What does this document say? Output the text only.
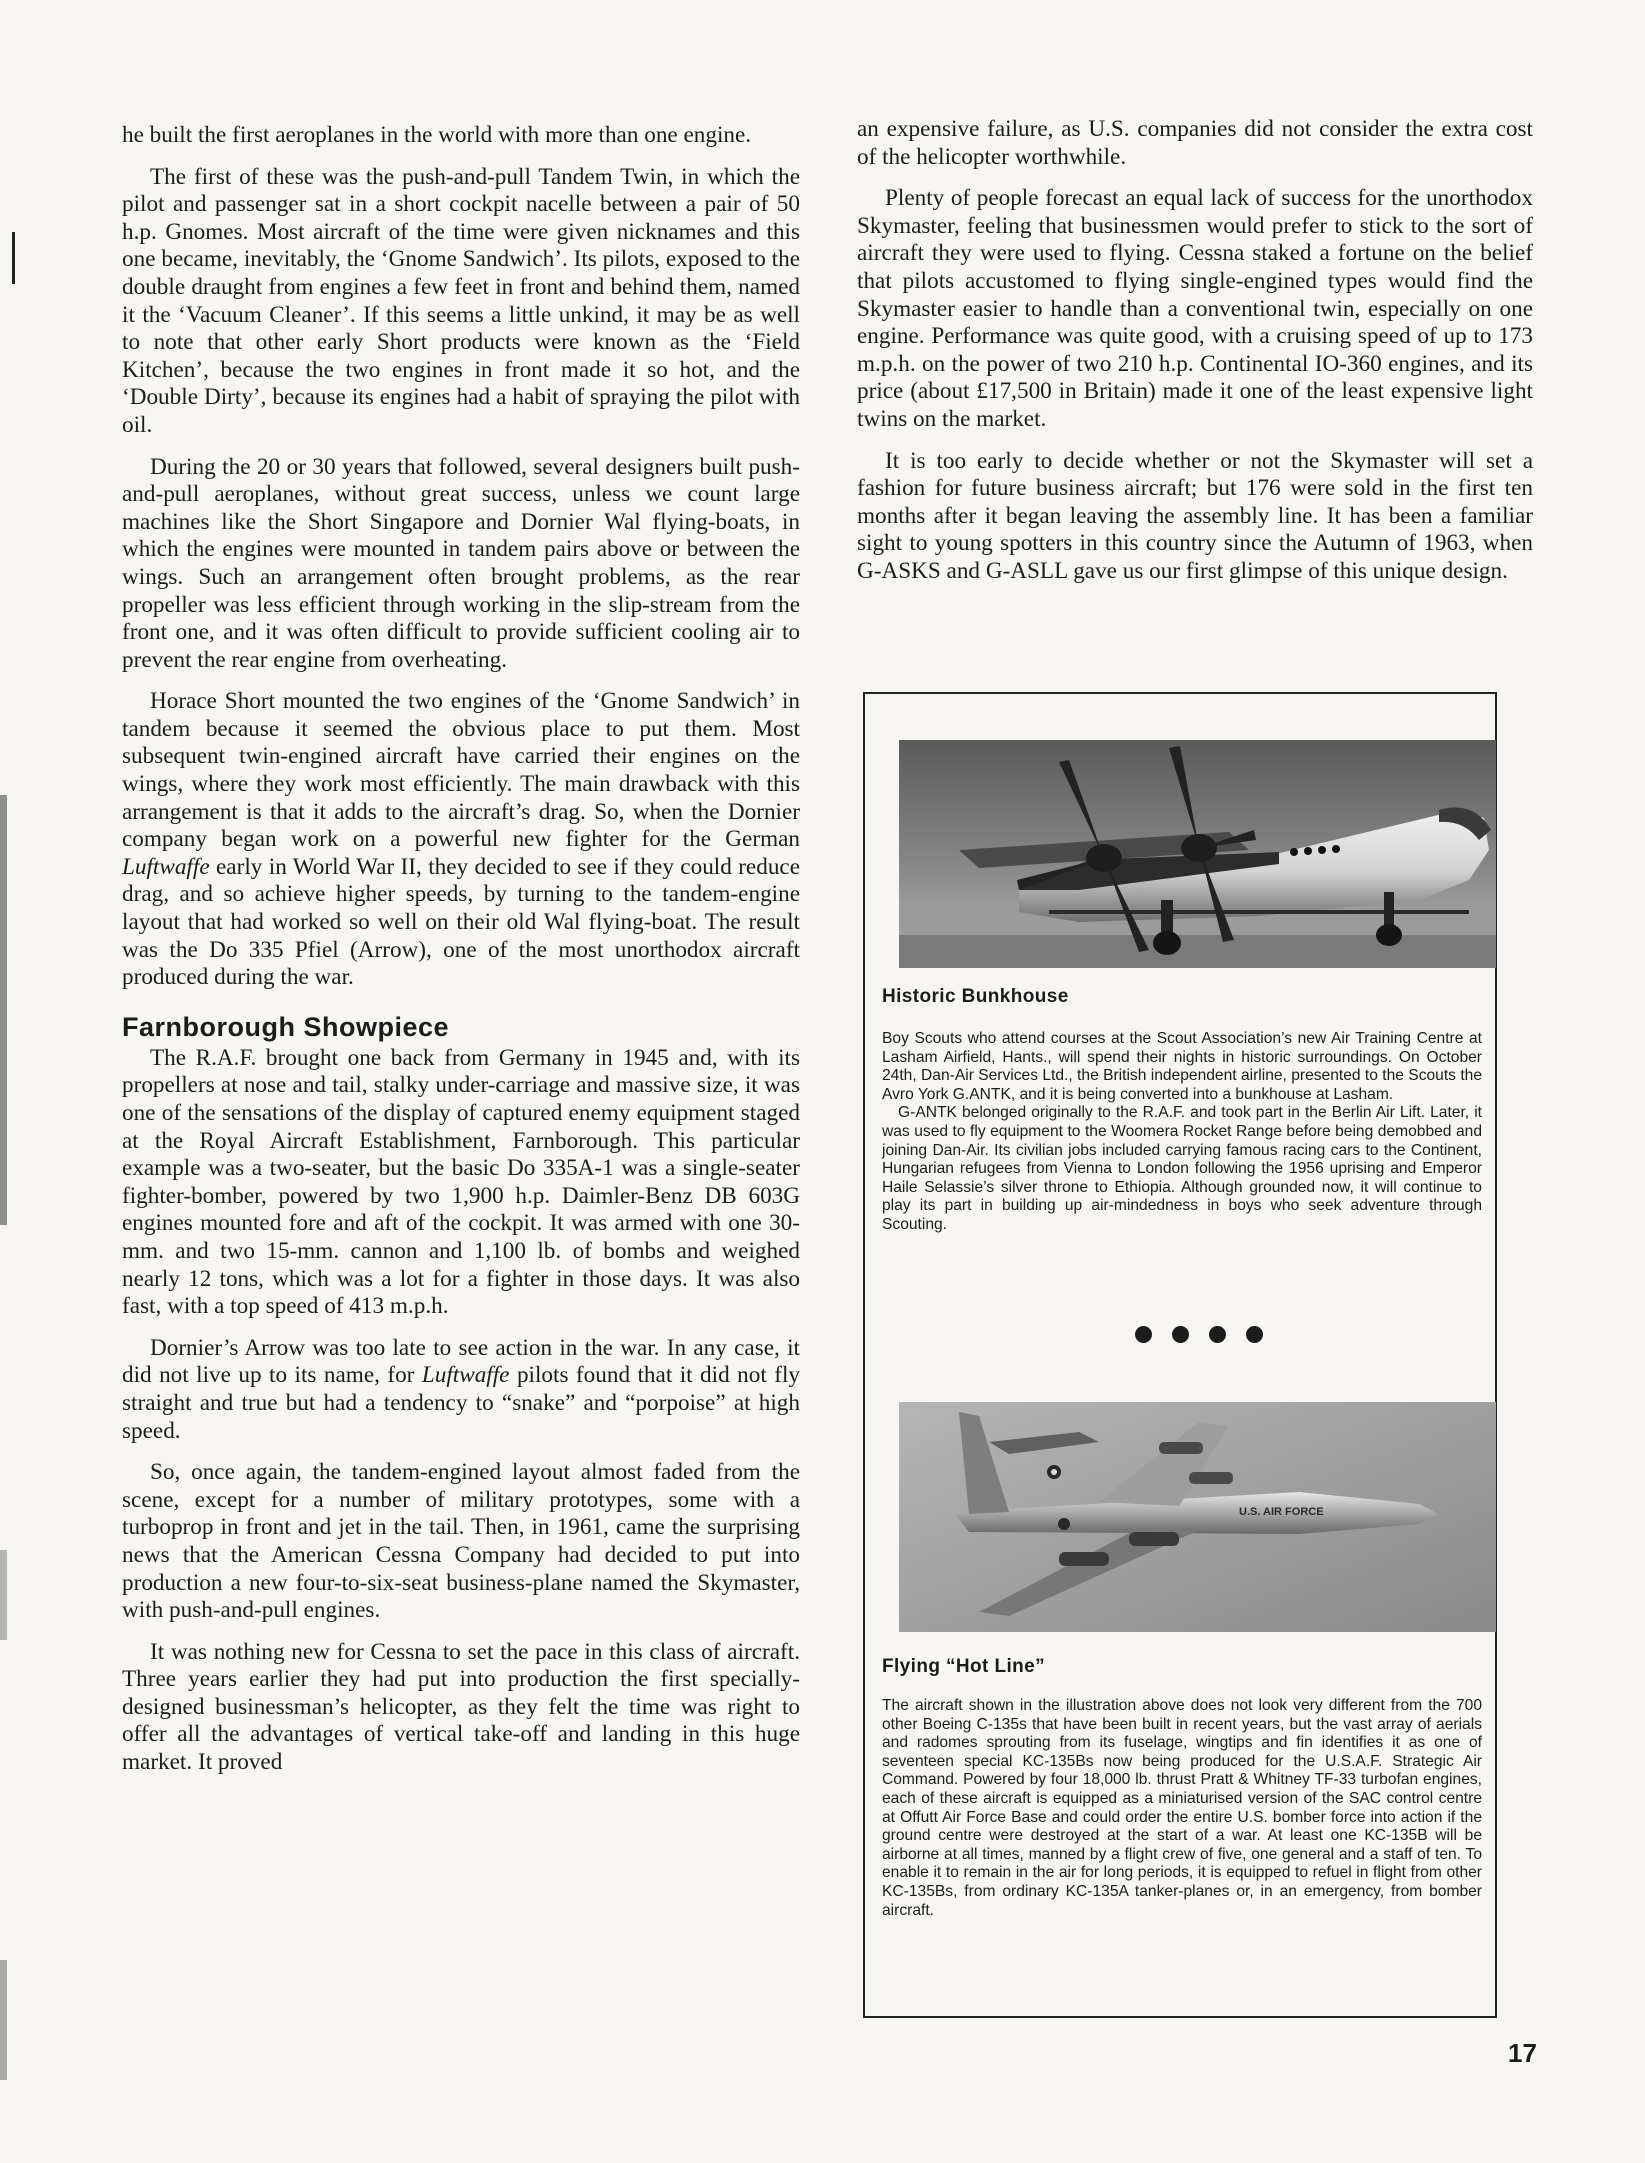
he built the first aeroplanes in the world with more than one engine.

The first of these was the push-and-pull Tandem Twin, in which the pilot and passenger sat in a short cockpit nacelle between a pair of 50 h.p. Gnomes. Most aircraft of the time were given nicknames and this one became, inevitably, the ‘Gnome Sandwich’. Its pilots, exposed to the double draught from engines a few feet in front and behind them, named it the ‘Vacuum Cleaner’. If this seems a little unkind, it may be as well to note that other early Short products were known as the ‘Field Kitchen’, because the two engines in front made it so hot, and the ‘Double Dirty’, because its engines had a habit of spraying the pilot with oil.

During the 20 or 30 years that followed, several designers built push-and-pull aeroplanes, without great success, unless we count large machines like the Short Singapore and Dornier Wal flying-boats, in which the engines were mounted in tandem pairs above or between the wings. Such an arrangement often brought problems, as the rear propeller was less efficient through working in the slip-stream from the front one, and it was often difficult to provide sufficient cooling air to prevent the rear engine from overheating.

Horace Short mounted the two engines of the ‘Gnome Sandwich’ in tandem because it seemed the obvious place to put them. Most subsequent twin-engined aircraft have carried their engines on the wings, where they work most efficiently. The main drawback with this arrangement is that it adds to the aircraft’s drag. So, when the Dornier company began work on a powerful new fighter for the German Luftwaffe early in World War II, they decided to see if they could reduce drag, and so achieve higher speeds, by turning to the tandem-engine layout that had worked so well on their old Wal flying-boat. The result was the Do 335 Pfiel (Arrow), one of the most unorthodox aircraft produced during the war.

Farnborough Showpiece

The R.A.F. brought one back from Germany in 1945 and, with its propellers at nose and tail, stalky under-carriage and massive size, it was one of the sensations of the display of captured enemy equipment staged at the Royal Aircraft Establishment, Farnborough. This particular example was a two-seater, but the basic Do 335A-1 was a single-seater fighter-bomber, powered by two 1,900 h.p. Daimler-Benz DB 603G engines mounted fore and aft of the cockpit. It was armed with one 30-mm. and two 15-mm. cannon and 1,100 lb. of bombs and weighed nearly 12 tons, which was a lot for a fighter in those days. It was also fast, with a top speed of 413 m.p.h.

Dornier’s Arrow was too late to see action in the war. In any case, it did not live up to its name, for Luftwaffe pilots found that it did not fly straight and true but had a tendency to “snake” and “porpoise” at high speed.

So, once again, the tandem-engined layout almost faded from the scene, except for a number of military prototypes, some with a turboprop in front and jet in the tail. Then, in 1961, came the surprising news that the American Cessna Company had decided to put into production a new four-to-six-seat business-plane named the Skymaster, with push-and-pull engines.

It was nothing new for Cessna to set the pace in this class of aircraft. Three years earlier they had put into production the first specially-designed businessman’s helicopter, as they felt the time was right to offer all the advantages of vertical take-off and landing in this huge market. It proved

an expensive failure, as U.S. companies did not consider the extra cost of the helicopter worthwhile.

Plenty of people forecast an equal lack of success for the unorthodox Skymaster, feeling that businessmen would prefer to stick to the sort of aircraft they were used to flying. Cessna staked a fortune on the belief that pilots accustomed to flying single-engined types would find the Skymaster easier to handle than a conventional twin, especially on one engine. Performance was quite good, with a cruising speed of up to 173 m.p.h. on the power of two 210 h.p. Continental IO-360 engines, and its price (about £17,500 in Britain) made it one of the least expensive light twins on the market.

It is too early to decide whether or not the Skymaster will set a fashion for future business aircraft; but 176 were sold in the first ten months after it began leaving the assembly line. It has been a familiar sight to young spotters in this country since the Autumn of 1963, when G-ASKS and G-ASLL gave us our first glimpse of this unique design.

Historic Bunkhouse

Boy Scouts who attend courses at the Scout Association’s new Air Training Centre at Lasham Airfield, Hants., will spend their nights in historic surroundings. On October 24th, Dan-Air Services Ltd., the British independent airline, presented to the Scouts the Avro York G.ANTK, and it is being converted into a bunkhouse at Lasham.

G-ANTK belonged originally to the R.A.F. and took part in the Berlin Air Lift. Later, it was used to fly equipment to the Woomera Rocket Range before being demobbed and joining Dan-Air. Its civilian jobs included carrying famous racing cars to the Continent, Hungarian refugees from Vienna to London following the 1956 uprising and Emperor Haile Selassie’s silver throne to Ethiopia. Although grounded now, it will continue to play its part in building up air-mindedness in boys who seek adventure through Scouting.

U.S. AIR FORCE
Flying “Hot Line”

The aircraft shown in the illustration above does not look very different from the 700 other Boeing C-135s that have been built in recent years, but the vast array of aerials and radomes sprouting from its fuselage, wingtips and fin identifies it as one of seventeen special KC-135Bs now being produced for the U.S.A.F. Strategic Air Command. Powered by four 18,000 lb. thrust Pratt & Whitney TF-33 turbofan engines, each of these aircraft is equipped as a miniaturised version of the SAC control centre at Offutt Air Force Base and could order the entire U.S. bomber force into action if the ground centre were destroyed at the start of a war. At least one KC-135B will be airborne at all times, manned by a flight crew of five, one general and a staff of ten. To enable it to remain in the air for long periods, it is equipped to refuel in flight from other KC-135Bs, from ordinary KC-135A tanker-planes or, in an emergency, from bomber aircraft.

17
